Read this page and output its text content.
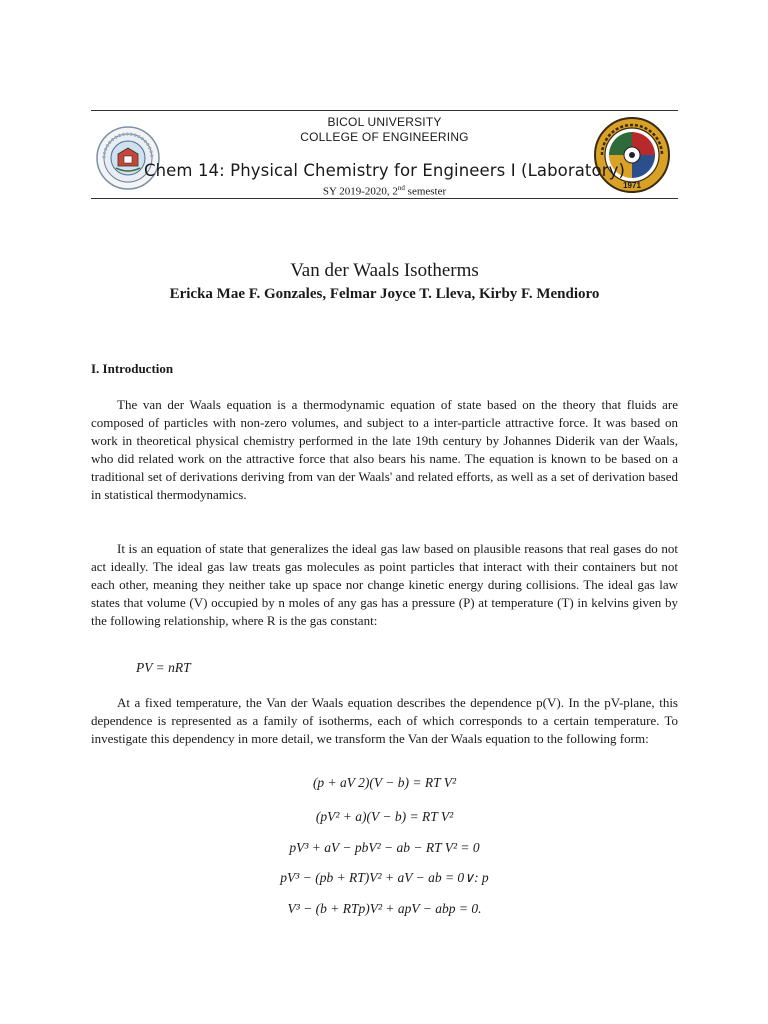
1971
BICOL UNIVERSITY
COLLEGE OF ENGINEERING
Chem 14: Physical Chemistry for Engineers I (Laboratory)
SY 2019-2020, 2nd semester
Van der Waals Isotherms
Ericka Mae F. Gonzales, Felmar Joyce T. Lleva, Kirby F. Mendioro
I. Introduction

The van der Waals equation is a thermodynamic equation of state based on the theory that fluids are composed of particles with non-zero volumes, and subject to a inter-particle attractive force. It was based on work in theoretical physical chemistry performed in the late 19th century by Johannes Diderik van der Waals, who did related work on the attractive force that also bears his name. The equation is known to be based on a traditional set of derivations deriving from van der Waals' and related efforts, as well as a set of derivation based in statistical thermodynamics.

It is an equation of state that generalizes the ideal gas law based on plausible reasons that real gases do not act ideally. The ideal gas law treats gas molecules as point particles that interact with their containers but not each other, meaning they neither take up space nor change kinetic energy during collisions. The ideal gas law states that volume (V) occupied by n moles of any gas has a pressure (P) at temperature (T) in kelvins given by the following relationship, where R is the gas constant:

PV = nRT

At a fixed temperature, the Van der Waals equation describes the dependence p(V). In the pV-plane, this dependence is represented as a family of isotherms, each of which corresponds to a certain temperature. To investigate this dependency in more detail, we transform the Van der Waals equation to the following form:

(p + aV 2)(V − b) = RT V²
(pV² + a)(V − b) = RT V²
pV³ + aV − pbV² − ab − RT V² = 0
pV³ − (pb + RT)V² + aV − ab = 0∨: p
V³ − (b + RTp)V² + apV − abp = 0.
